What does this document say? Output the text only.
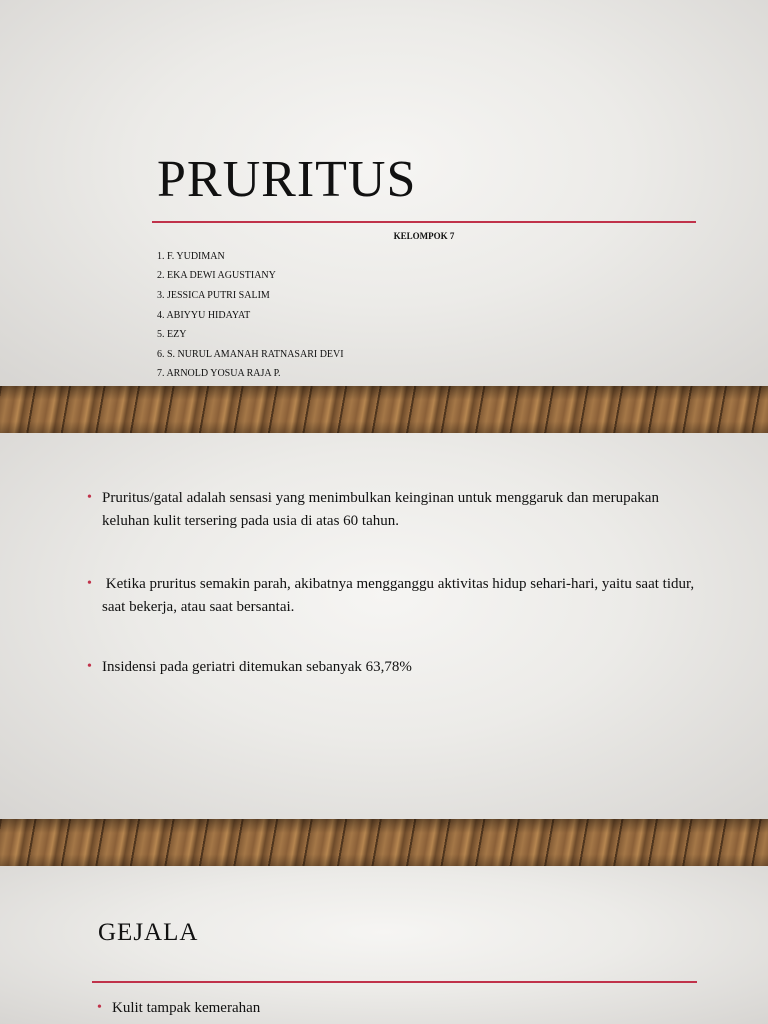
PRURITUS
KELOMPOK 7
1. F. YUDIMAN
2. EKA DEWI AGUSTIANY
3. JESSICA PUTRI SALIM
4. ABIYYU HIDAYAT
5. EZY
6. S. NURUL AMANAH RATNASARI DEVI
7. ARNOLD YOSUA RAJA P.
• Pruritus/gatal adalah sensasi yang menimbulkan keinginan untuk menggaruk dan merupakan
keluhan kulit tersering pada usia di atas 60 tahun.
• Ketika pruritus semakin parah, akibatnya mengganggu aktivitas hidup sehari-hari, yaitu saat tidur,
saat bekerja, atau saat bersantai.
• Insidensi pada geriatri ditemukan sebanyak 63,78%
GEJALA
• Kulit tampak kemerahan
